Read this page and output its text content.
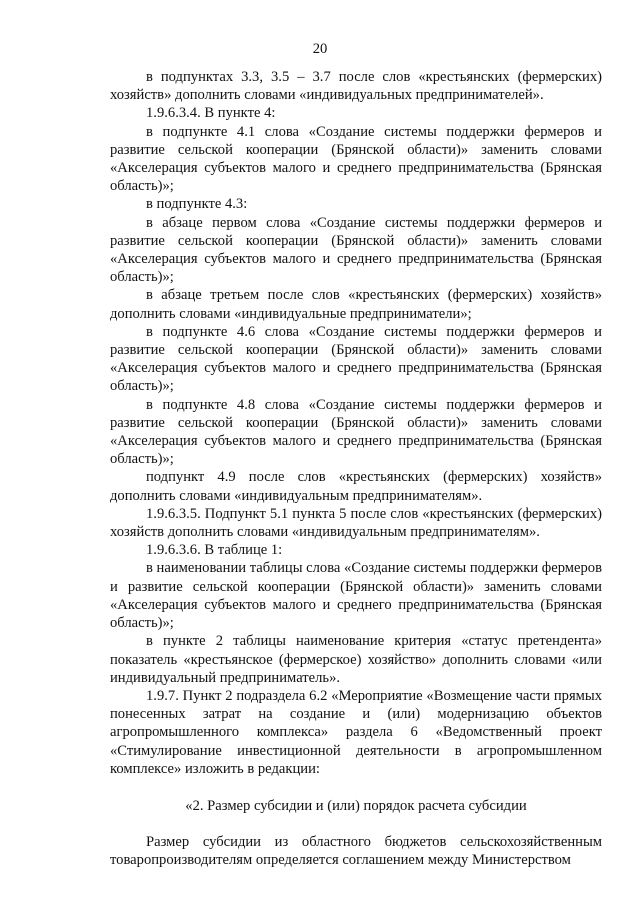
20

в подпунктах 3.3, 3.5 – 3.7 после слов «крестьянских (фермерских) хозяйств» дополнить словами «индивидуальных предпринимателей».

1.9.6.3.4. В пункте 4:

в подпункте 4.1 слова «Создание системы поддержки фермеров и развитие сельской кооперации (Брянской области)» заменить словами «Акселерация субъектов малого и среднего предпринимательства (Брянская область)»;

в подпункте 4.3:

в абзаце первом слова «Создание системы поддержки фермеров и развитие сельской кооперации (Брянской области)» заменить словами «Акселерация субъектов малого и среднего предпринимательства (Брянская область)»;

в абзаце третьем после слов «крестьянских (фермерских) хозяйств» дополнить словами «индивидуальные предприниматели»;

в подпункте 4.6 слова «Создание системы поддержки фермеров и развитие сельской кооперации (Брянской области)» заменить словами «Акселерация субъектов малого и среднего предпринимательства (Брянская область)»;

в подпункте 4.8 слова «Создание системы поддержки фермеров и развитие сельской кооперации (Брянской области)» заменить словами «Акселерация субъектов малого и среднего предпринимательства (Брянская область)»;

подпункт 4.9 после слов «крестьянских (фермерских) хозяйств» дополнить словами «индивидуальным предпринимателям».

1.9.6.3.5. Подпункт 5.1 пункта 5 после слов «крестьянских (фермерских) хозяйств дополнить словами «индивидуальным предпринимателям».

1.9.6.3.6. В таблице 1:

в наименовании таблицы слова «Создание системы поддержки фермеров и развитие сельской кооперации (Брянской области)» заменить словами «Акселерация субъектов малого и среднего предпринимательства (Брянская область)»;

в пункте 2 таблицы наименование критерия «статус претендента» показатель «крестьянское (фермерское) хозяйство» дополнить словами «или индивидуальный предприниматель».

1.9.7. Пункт 2 подраздела 6.2 «Мероприятие «Возмещение части прямых понесенных затрат на создание и (или) модернизацию объектов агропромышленного комплекса» раздела 6 «Ведомственный проект «Стимулирование инвестиционной деятельности в агропромышленном комплексе» изложить в редакции:

«2. Размер субсидии и (или) порядок расчета субсидии

Размер субсидии из областного бюджетов сельскохозяйственным товаропроизводителям определяется соглашением между Министерством
